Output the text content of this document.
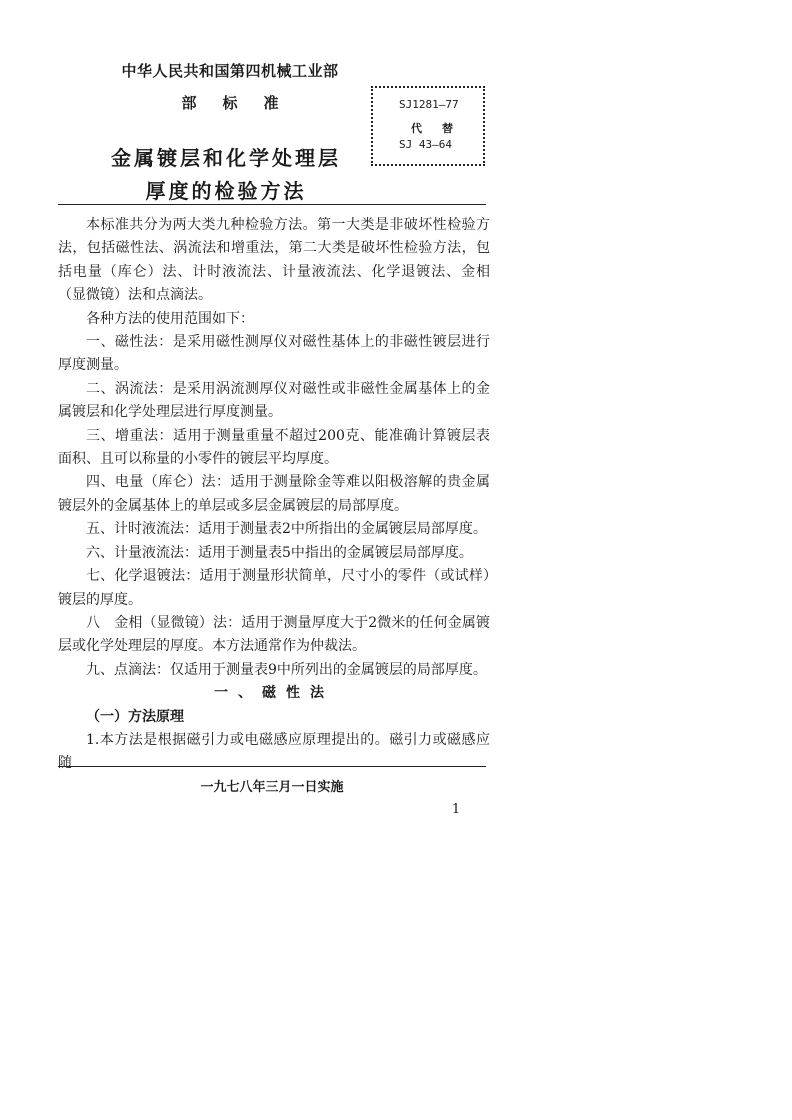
中华人民共和国第四机械工业部
部标准
金属镀层和化学处理层
厚度的检验方法
SJ1281—77
代替
SJ 43—64

本标准共分为两大类九种检验方法。第一大类是非破坏性检验方法，包括磁性法、涡流法和增重法，第二大类是破坏性检验方法，包括电量（库仑）法、计时液流法、计量液流法、化学退镀法、金相（显微镜）法和点滴法。

各种方法的使用范围如下：

一、磁性法：是采用磁性测厚仪对磁性基体上的非磁性镀层进行厚度测量。

二、涡流法：是采用涡流测厚仪对磁性或非磁性金属基体上的金属镀层和化学处理层进行厚度测量。

三、增重法：适用于测量重量不超过200克、能准确计算镀层表面积、且可以称量的小零件的镀层平均厚度。

四、电量（库仑）法：适用于测量除金等难以阳极溶解的贵金属镀层外的金属基体上的单层或多层金属镀层的局部厚度。

五、计时液流法：适用于测量表2中所指出的金属镀层局部厚度。

六、计量液流法：适用于测量表5中指出的金属镀层局部厚度。

七、化学退镀法：适用于测量形状简单，尺寸小的零件（或试样）镀层的厚度。

八　金相（显微镜）法：适用于测量厚度大于2微米的任何金属镀层或化学处理层的厚度。本方法通常作为仲裁法。

九、点滴法：仅适用于测量表9中所列出的金属镀层的局部厚度。

一、磁性法

（一）方法原理

1.本方法是根据磁引力或电磁感应原理提出的。磁引力或磁感应随

一九七八年三月一日实施
1
